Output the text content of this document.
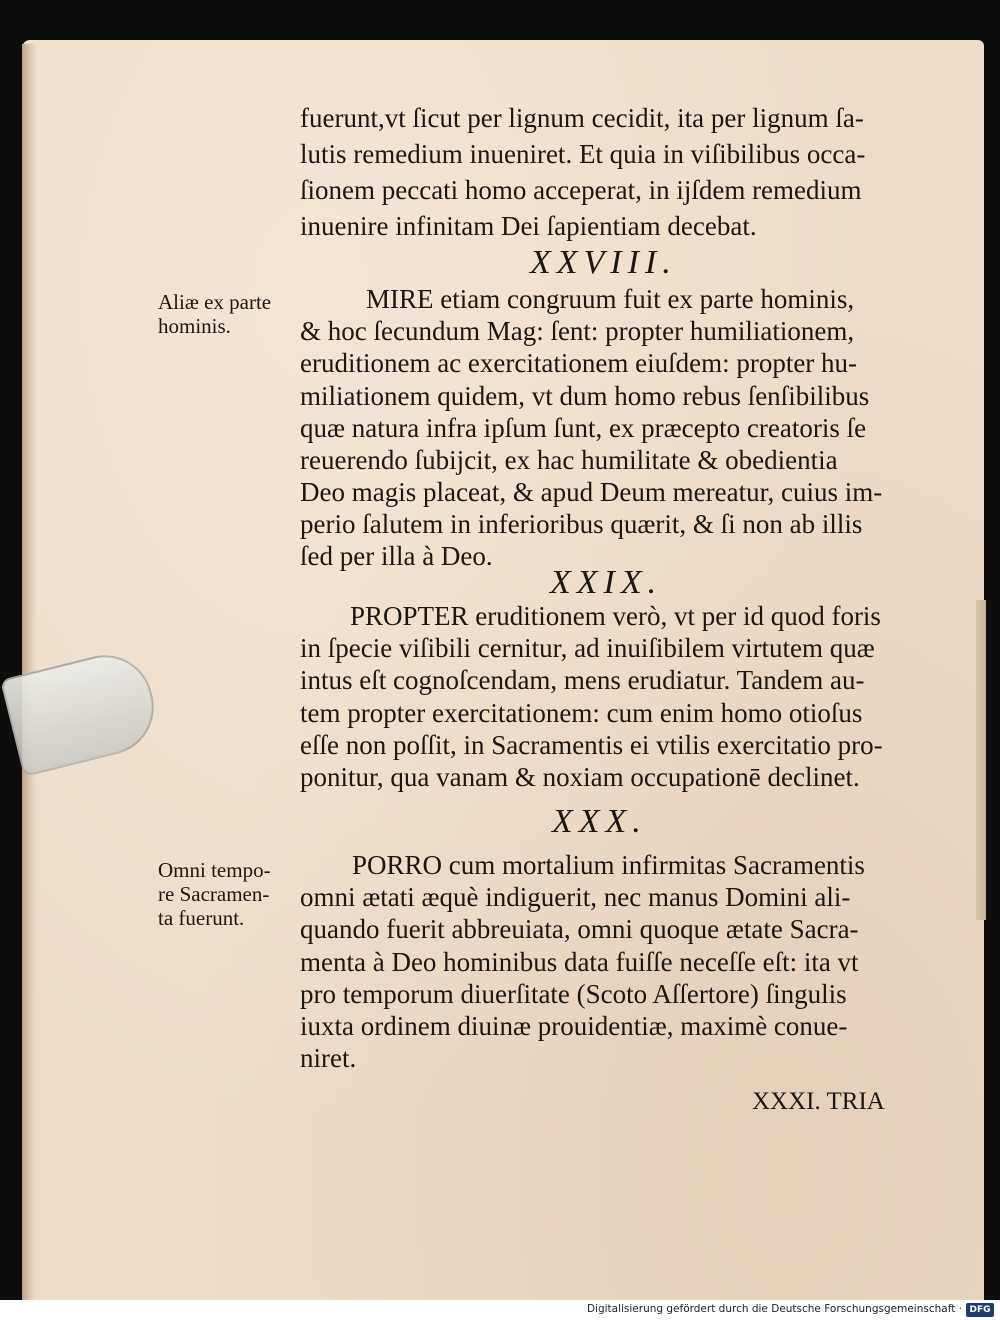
fuerunt,vt ſicut per lignum cecidit, ita per lignum ſa-
lutis remedium inueniret. Et quia in viſibilibus occa-
ſionem peccati homo acceperat, in ijſdem remedium
inuenire infinitam Dei ſapientiam decebat.
XXVIII.
Aliæ ex parte
hominis.
MIRE etiam congruum fuit ex parte hominis,
& hoc ſecundum Mag: ſent: propter humiliationem,
eruditionem ac exercitationem eiuſdem: propter hu-
miliationem quidem, vt dum homo rebus ſenſibilibus
quæ natura infra ipſum ſunt, ex præcepto creatoris ſe
reuerendo ſubijcit, ex hac humilitate & obedientia
Deo magis placeat, & apud Deum mereatur, cuius im-
perio ſalutem in inferioribus quærit, & ſi non ab illis
ſed per illa à Deo.
XXIX.
PROPTER eruditionem verò, vt per id quod foris
in ſpecie viſibili cernitur, ad inuiſibilem virtutem quæ
intus eſt cognoſcendam, mens erudiatur. Tandem au-
tem propter exercitationem: cum enim homo otioſus
eſſe non poſſit, in Sacramentis ei vtilis exercitatio pro-
ponitur, qua vanam & noxiam occupationē declinet.
XXX.
Omni tempo-
re Sacramen-
ta fuerunt.
PORRO cum mortalium infirmitas Sacramentis
omni ætati æquè indiguerit, nec manus Domini ali-
quando fuerit abbreuiata, omni quoque ætate Sacra-
menta à Deo hominibus data fuiſſe neceſſe eſt: ita vt
pro temporum diuerſitate (Scoto Aſſertore) ſingulis
iuxta ordinem diuinæ prouidentiæ, maximè conue-
niret.
XXXI. TRIA
Digitalisierung gefördert durch die Deutsche Forschungsgemeinschaft · DFG
